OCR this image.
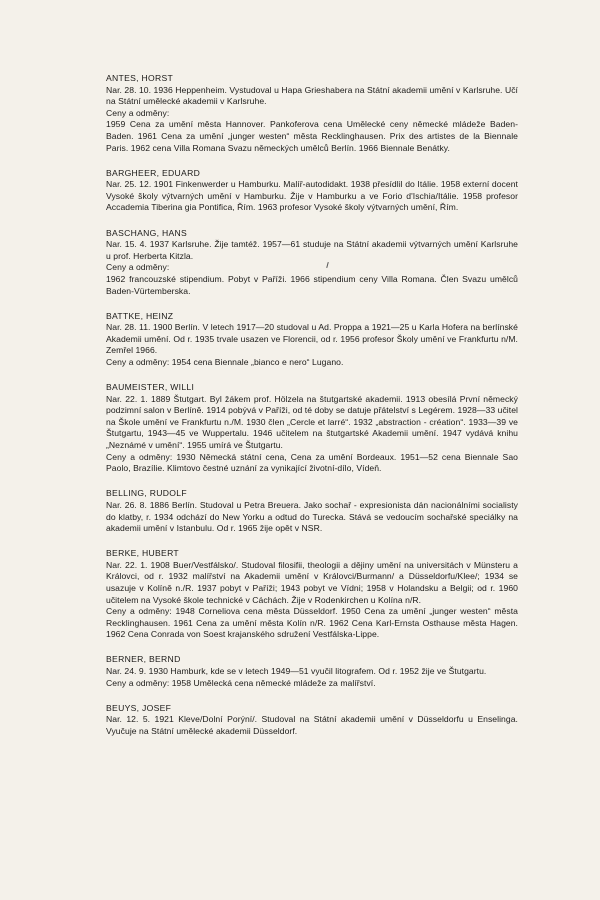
ANTES, HORST

Nar. 28. 10. 1936 Heppenheim. Vystudoval u Hapa Grieshabera na Státní akademii umění v Karlsruhe. Učí na Státní umělecké akademii v Karlsruhe.

Ceny a odměny:

1959 Cena za umění města Hannover. Pankoferova cena Umělecké ceny německé mládeže Baden-Baden. 1961 Cena za umění „junger westen“ města Recklinghausen. Prix des artistes de la Biennale Paris. 1962 cena Villa Romana Svazu německých umělců Berlín. 1966 Biennale Benátky.

BARGHEER, EDUARD

Nar. 25. 12. 1901 Finkenwerder u Hamburku. Malíř-autodidakt. 1938 přesídlil do Itálie. 1958 externí docent Vysoké školy výtvarných umění v Hamburku. Žije v Hamburku a ve Forio d'Ischia/Itálie. 1958 profesor Accademia Tiberina gia Pontifica, Řím. 1963 profesor Vysoké školy výtvarných umění, Řím.

BASCHANG, HANS

Nar. 15. 4. 1937 Karlsruhe. Žije tamtéž. 1957—61 studuje na Státní akademii výtvarných umění Karlsruhe u prof. Herberta Kitzla.

Ceny a odměny:

1962 francouzské stipendium. Pobyt v Paříži. 1966 stipendium ceny Villa Romana. Člen Svazu umělců Baden-Vürtemberska.

BATTKE, HEINZ

Nar. 28. 11. 1900 Berlín. V letech 1917—20 studoval u Ad. Proppa a 1921—25 u Karla Hofera na berlínské Akademii umění. Od r. 1935 trvale usazen ve Florencii, od r. 1956 profesor Školy umění ve Frankfurtu n/M. Zemřel 1966.

Ceny a odměny: 1954 cena Biennale „bianco e nero“ Lugano.

BAUMEISTER, WILLI

Nar. 22. 1. 1889 Štutgart. Byl žákem prof. Hölzela na štutgartské akademii. 1913 obesílá První německý podzimní salon v Berlíně. 1914 pobývá v Paříži, od té doby se datuje přátelství s Legérem. 1928—33 učitel na Škole umění ve Frankfurtu n./M. 1930 člen „Cercle et larré“. 1932 „abstraction - création“. 1933—39 ve Štutgartu, 1943—45 ve Wuppertalu. 1946 učitelem na štutgartské Akademii umění. 1947 vydává knihu „Neznámé v umění“. 1955 umírá ve Štutgartu.

Ceny a odměny: 1930 Německá státní cena, Cena za umění Bordeaux. 1951—52 cena Biennale Sao Paolo, Brazílie. Klimtovo čestné uznání za vynikající životní-dílo, Vídeň.

BELLING, RUDOLF

Nar. 26. 8. 1886 Berlín. Studoval u Petra Breuera. Jako sochař - expresionista dán nacionálními socialisty do klatby, r. 1934 odchází do New Yorku a odtud do Turecka. Stává se vedoucím sochařské speciálky na akademii umění v Istanbulu. Od r. 1965 žije opět v NSR.

BERKE, HUBERT

Nar. 22. 1. 1908 Buer/Vestfálsko/. Studoval filosifii, theologii a dějiny umění na universitách v Münsteru a Královci, od r. 1932 malířství na Akademii umění v Královci/Burmann/ a Düsseldorfu/Klee/; 1934 se usazuje v Kolíně n./R. 1937 pobyt v Paříži; 1943 pobyt ve Vídni; 1958 v Holandsku a Belgii; od r. 1960 učitelem na Vysoké škole technické v Cáchách. Žije v Rodenkirchen u Kolína n/R.

Ceny a odměny: 1948 Corneliova cena města Düsseldorf. 1950 Cena za umění „junger westen“ města Recklinghausen. 1961 Cena za umění města Kolín n/R. 1962 Cena Karl-Ernsta Osthause města Hagen. 1962 Cena Conrada von Soest krajanského sdružení Vestfálska-Lippe.

BERNER, BERND

Nar. 24. 9. 1930 Hamburk, kde se v letech 1949—51 vyučil litografem. Od r. 1952 žije ve Štutgartu.

Ceny a odměny: 1958 Umělecká cena německé mládeže za malířství.

BEUYS, JOSEF

Nar. 12. 5. 1921 Kleve/Dolní Porýní/. Studoval na Státní akademii umění v Düsseldorfu u Enselinga. Vyučuje na Státní umělecké akademii Düsseldorf.
